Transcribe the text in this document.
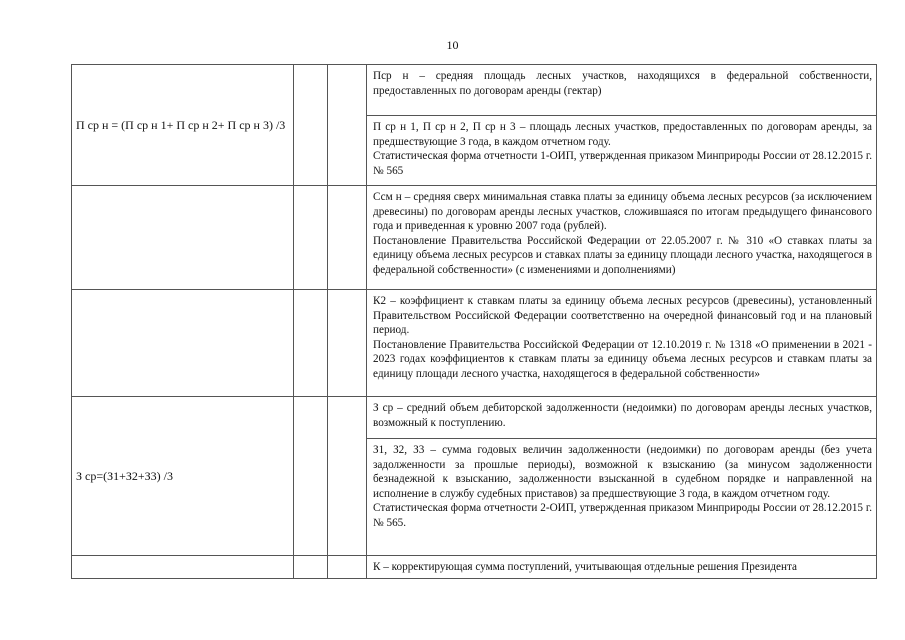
10
П ср н = (П ср н 1+ П ср н 2+ П ср н 3) /3			Пср н – средняя площадь лесных участков, находящихся в федеральной собственности, предоставленных по договорам аренды (гектар)

			П ср н 1, П ср н 2, П ср н 3 – площадь лесных участков, предоставленных по договорам аренды, за предшествующие 3 года, в каждом отчетном году.
Статистическая форма отчетности 1-ОИП, утвержденная приказом Минприроды России от 28.12.2015 г. № 565

			Ссм н – средняя сверх минимальная ставка платы за единицу объема лесных ресурсов (за исключением древесины) по договорам аренды лесных участков, сложившаяся по итогам предыдущего финансового года и приведенная к уровню 2007 года (рублей).
Постановление Правительства Российской Федерации от 22.05.2007 г. № 310 «О ставках платы за единицу объема лесных ресурсов и ставках платы за единицу площади лесного участка, находящегося в федеральной собственности» (с изменениями и дополнениями)

			К2 – коэффициент к ставкам платы за единицу объема лесных ресурсов (древесины), установленный Правительством Российской Федерации соответственно на очередной финансовый год и на плановый период.
Постановление Правительства Российской Федерации от 12.10.2019 г. № 1318 «О применении в 2021 - 2023 годах коэффициентов к ставкам платы за единицу объема лесных ресурсов и ставкам платы за единицу площади лесного участка, находящегося в федеральной собственности»

З ср=(З1+З2+З3) /3			З ср – средний объем дебиторской задолженности (недоимки) по договорам аренды лесных участков, возможный к поступлению.

			З1, З2, З3 – сумма годовых величин задолженности (недоимки) по договорам аренды (без учета задолженности за прошлые периоды), возможной к взысканию (за минусом задолженности безнадежной к взысканию, задолженности взысканной в судебном порядке и направленной на исполнение в службу судебных приставов) за предшествующие 3 года, в каждом отчетном году.
Статистическая форма отчетности 2-ОИП, утвержденная приказом Минприроды России от 28.12.2015 г. № 565.

			К – корректирующая сумма поступлений, учитывающая отдельные решения Президента
